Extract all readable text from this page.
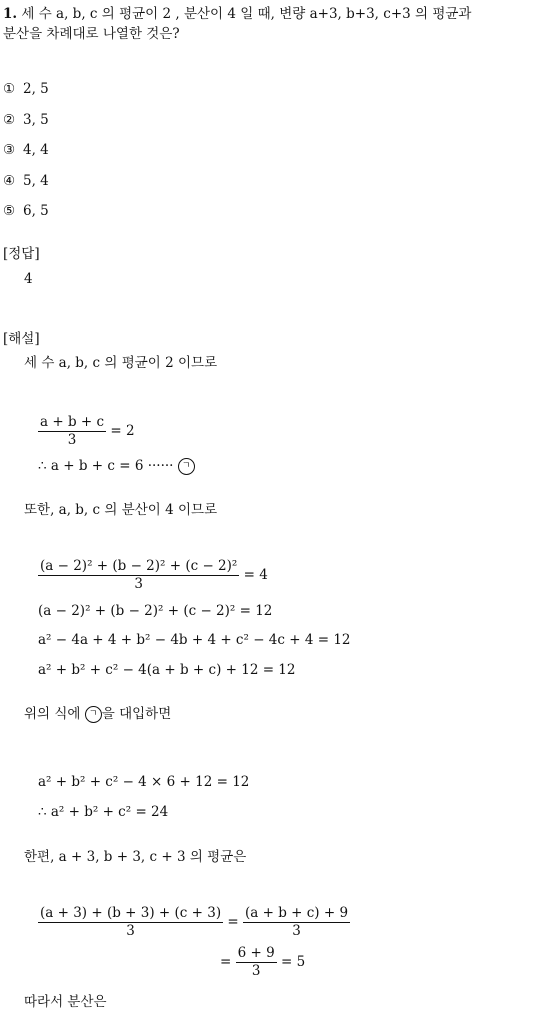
1. 세 수 a, b, c 의 평균이 2 , 분산이 4 일 때, 변량 a+3, b+3, c+3 의 평균과
분산을 차례대로 나열한 것은?
① 2, 5
② 3, 5
③ 4, 4
④ 5, 4
⑤ 6, 5
[정답]
4
[해설]
세 수 a, b, c 의 평균이 2 이므로
$\frac{a + b + c}{3} = 2$
∴ a + b + c = 6 ······ ㄱ
또한, a, b, c 의 분산이 4 이므로
$\frac{\text{(a − 2)² + (b − 2)² + (c − 2)²}}{3} = 4$
(a − 2)² + (b − 2)² + (c − 2)² = 12
a² − 4a + 4 + b² − 4b + 4 + c² − 4c + 4 = 12
a² + b² + c² − 4(a + b + c) + 12 = 12
위의 식에 ㄱ 을 대입하면
a² + b² + c² − 4 × 6 + 12 = 12
∴ a² + b² + c² = 24
한편, a + 3, b + 3, c + 3 의 평균은
$\frac{(a + 3) + (b + 3) + (c + 3)}{3} = \frac{(a + b + c) + 9}{3}$
= $\frac{6 + 9}{3} = 5$
따라서 분산은
